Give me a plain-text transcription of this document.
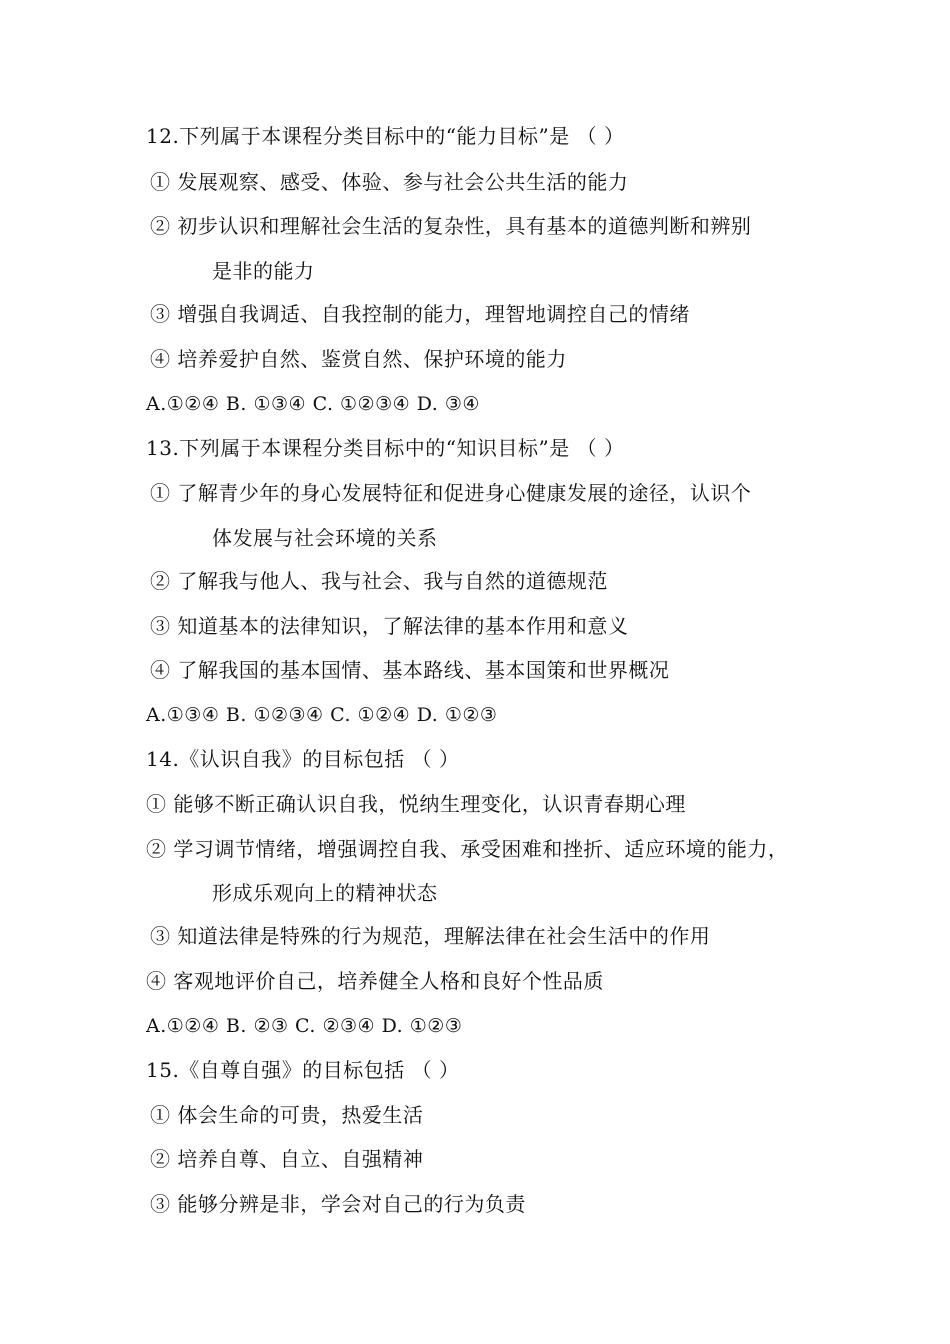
12.下列属于本课程分类目标中的“能力目标”是 （ ）
① 发展观察、感受、体验、参与社会公共生活的能力
② 初步认识和理解社会生活的复杂性，具有基本的道德判断和辨别
是非的能力
③ 增强自我调适、自我控制的能力，理智地调控自己的情绪
④ 培养爱护自然、鉴赏自然、保护环境的能力
A.①②④ B. ①③④ C. ①②③④ D. ③④
13.下列属于本课程分类目标中的“知识目标”是 （ ）
① 了解青少年的身心发展特征和促进身心健康发展的途径，认识个
体发展与社会环境的关系
② 了解我与他人、我与社会、我与自然的道德规范
③ 知道基本的法律知识，了解法律的基本作用和意义
④ 了解我国的基本国情、基本路线、基本国策和世界概况
A.①③④ B. ①②③④ C. ①②④ D. ①②③
14.《认识自我》的目标包括 （ ）
① 能够不断正确认识自我，悦纳生理变化，认识青春期心理
② 学习调节情绪，增强调控自我、承受困难和挫折、适应环境的能力，
形成乐观向上的精神状态
③ 知道法律是特殊的行为规范，理解法律在社会生活中的作用
④ 客观地评价自己，培养健全人格和良好个性品质
A.①②④ B. ②③ C. ②③④ D. ①②③
15.《自尊自强》的目标包括 （ ）
① 体会生命的可贵，热爱生活
② 培养自尊、自立、自强精神
③ 能够分辨是非，学会对自己的行为负责
